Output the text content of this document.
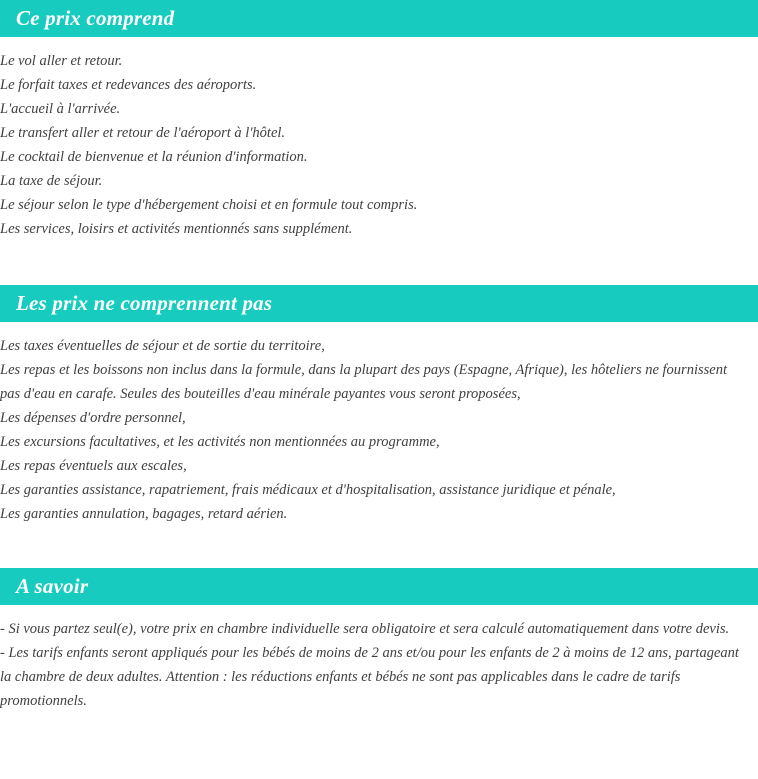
Ce prix comprend
Le vol aller et retour.
Le forfait taxes et redevances des aéroports.
L'accueil à l'arrivée.
Le transfert aller et retour de l'aéroport à l'hôtel.
Le cocktail de bienvenue et la réunion d'information.
La taxe de séjour.
Le séjour selon le type d'hébergement choisi et en formule tout compris.
Les services, loisirs et activités mentionnés sans supplément.
Les prix ne comprennent pas
Les taxes éventuelles de séjour et de sortie du territoire,
Les repas et les boissons non inclus dans la formule, dans la plupart des pays (Espagne, Afrique), les hôteliers ne fournissent pas d'eau en carafe. Seules des bouteilles d'eau minérale payantes vous seront proposées,
Les dépenses d'ordre personnel,
Les excursions facultatives, et les activités non mentionnées au programme,
Les repas éventuels aux escales,
Les garanties assistance, rapatriement, frais médicaux et d'hospitalisation, assistance juridique et pénale,
Les garanties annulation, bagages, retard aérien.
A savoir
- Si vous partez seul(e), votre prix en chambre individuelle sera obligatoire et sera calculé automatiquement dans votre devis.
- Les tarifs enfants seront appliqués pour les bébés de moins de 2 ans et/ou pour les enfants de 2 à moins de 12 ans, partageant la chambre de deux adultes. Attention : les réductions enfants et bébés ne sont pas applicables dans le cadre de tarifs promotionnels.
